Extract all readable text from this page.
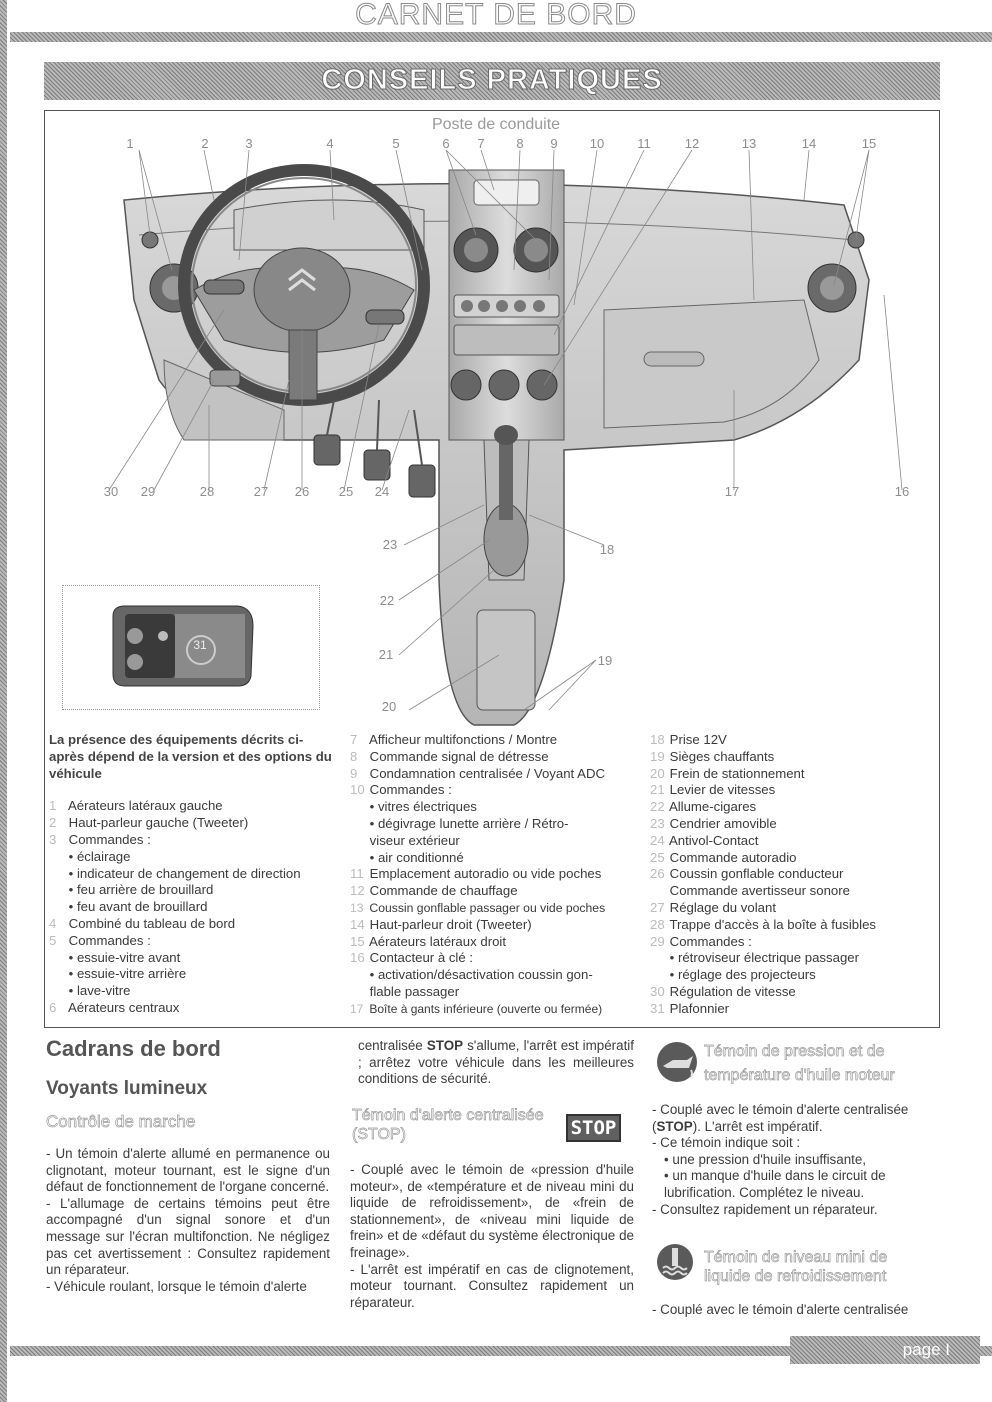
CARNET DE BORD
CONSEILS PRATIQUES
Poste de conduite
1	2	3	4	5	6	7	8	9	10	11	12	13	14	15
30	29	28	27	26	25	24	17	16
23	18
22
21	19
20
31
La présence des équipements décrits ci-après dépend de la version et des options du véhicule
1 Aérateurs latéraux gauche
2 Haut-parleur gauche (Tweeter)
3 Commandes :
• éclairage
• indicateur de changement de direction
• feu arrière de brouillard
• feu avant de brouillard
4 Combiné du tableau de bord
5 Commandes :
• essuie-vitre avant
• essuie-vitre arrière
• lave-vitre
6 Aérateurs centraux
7 Afficheur multifonctions / Montre
8 Commande signal de détresse
9 Condamnation centralisée / Voyant ADC
10 Commandes :
• vitres électriques
• dégivrage lunette arrière / Rétro-
viseur extérieur
• air conditionné
11 Emplacement autoradio ou vide poches
12 Commande de chauffage
13 Coussin gonflable passager ou vide poches
14 Haut-parleur droit (Tweeter)
15 Aérateurs latéraux droit
16 Contacteur à clé :
• activation/désactivation coussin gon-
flable passager
17 Boîte à gants inférieure (ouverte ou fermée)
18 Prise 12V
19 Sièges chauffants
20 Frein de stationnement
21 Levier de vitesses
22 Allume-cigares
23 Cendrier amovible
24 Antivol-Contact
25 Commande autoradio
26 Coussin gonflable conducteur
Commande avertisseur sonore
27 Réglage du volant
28 Trappe d'accès à la boîte à fusibles
29 Commandes :
• rétroviseur électrique passager
• réglage des projecteurs
30 Régulation de vitesse
31 Plafonnier
Cadrans de bord
Voyants lumineux
Contrôle de marche
- Un témoin d'alerte allumé en permanence ou clignotant, moteur tournant, est le signe d'un défaut de fonctionnement de l'organe concerné.
- L'allumage de certains témoins peut être accompagné d'un signal sonore et d'un message sur l'écran multifonction. Ne négligez pas cet avertissement : Consultez rapidement un réparateur.
- Véhicule roulant, lorsque le témoin d'alerte
centralisée STOP s'allume, l'arrêt est impératif ; arrêtez votre véhicule dans les meilleures conditions de sécurité.
Témoin d'alerte centralisée (STOP)	STOP
- Couplé avec le témoin de «pression d'huile moteur», de «température et de niveau mini du liquide de refroidissement», de «frein de stationnement», de «niveau mini liquide de frein» et de «défaut du système électronique de freinage».
- L'arrêt est impératif en cas de clignotement, moteur tournant. Consultez rapidement un réparateur.
Témoin de pression et de température d'huile moteur
- Couplé avec le témoin d'alerte centralisée (STOP). L'arrêt est impératif.
- Ce témoin indique soit :
• une pression d'huile insuffisante,
• un manque d'huile dans le circuit de lubrification. Complétez le niveau.
- Consultez rapidement un réparateur.
Témoin de niveau mini de liquide de refroidissement
- Couplé avec le témoin d'alerte centralisée
page I
